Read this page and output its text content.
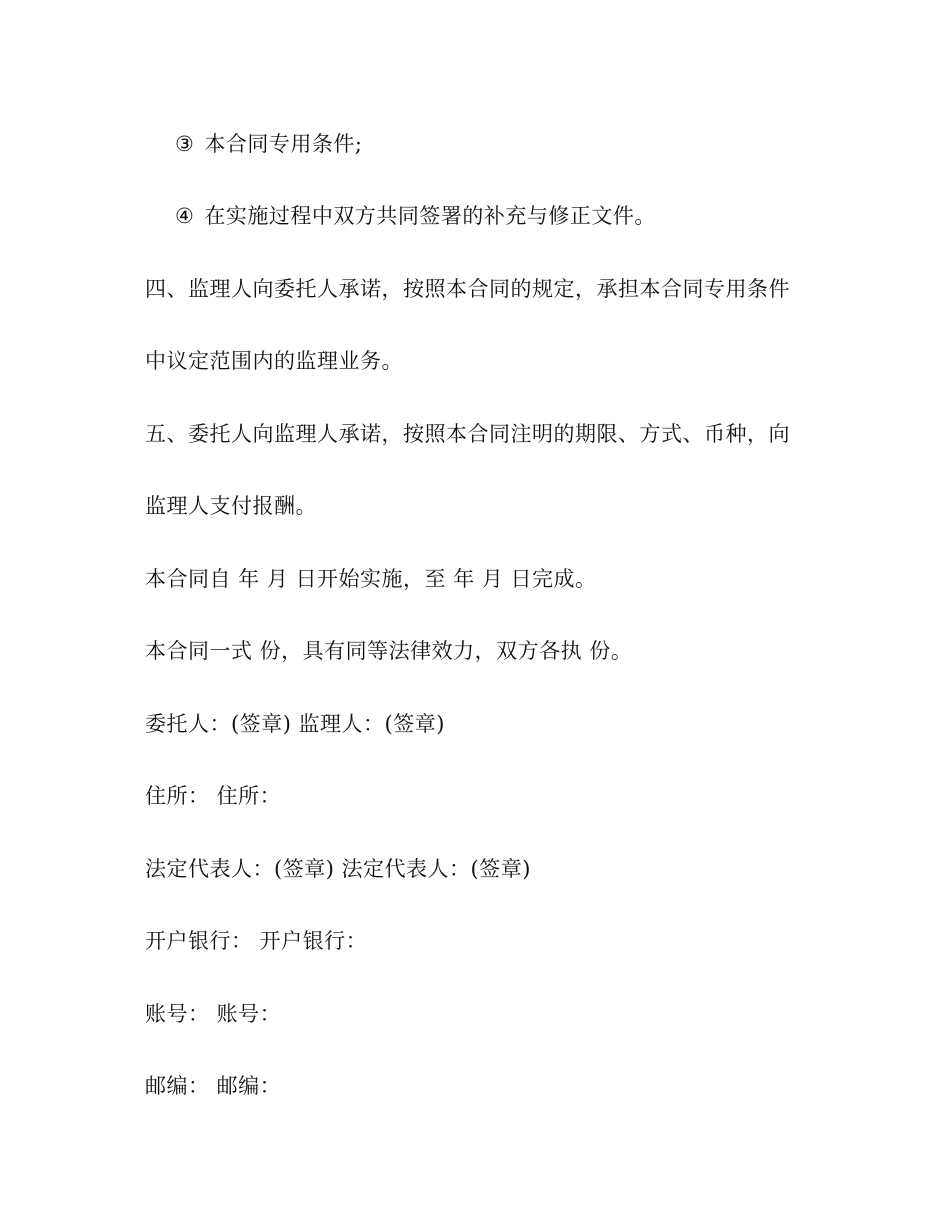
③ 本合同专用条件;
④ 在实施过程中双方共同签署的补充与修正文件。
四、监理人向委托人承诺，按照本合同的规定，承担本合同专用条件
中议定范围内的监理业务。
五、委托人向监理人承诺，按照本合同注明的期限、方式、币种，向
监理人支付报酬。
本合同自 年 月 日开始实施，至 年 月 日完成。
本合同一式 份，具有同等法律效力，双方各执 份。
委托人：(签章) 监理人：(签章)
住所： 住所：
法定代表人：(签章) 法定代表人：(签章)
开户银行： 开户银行：
账号： 账号：
邮编： 邮编：
